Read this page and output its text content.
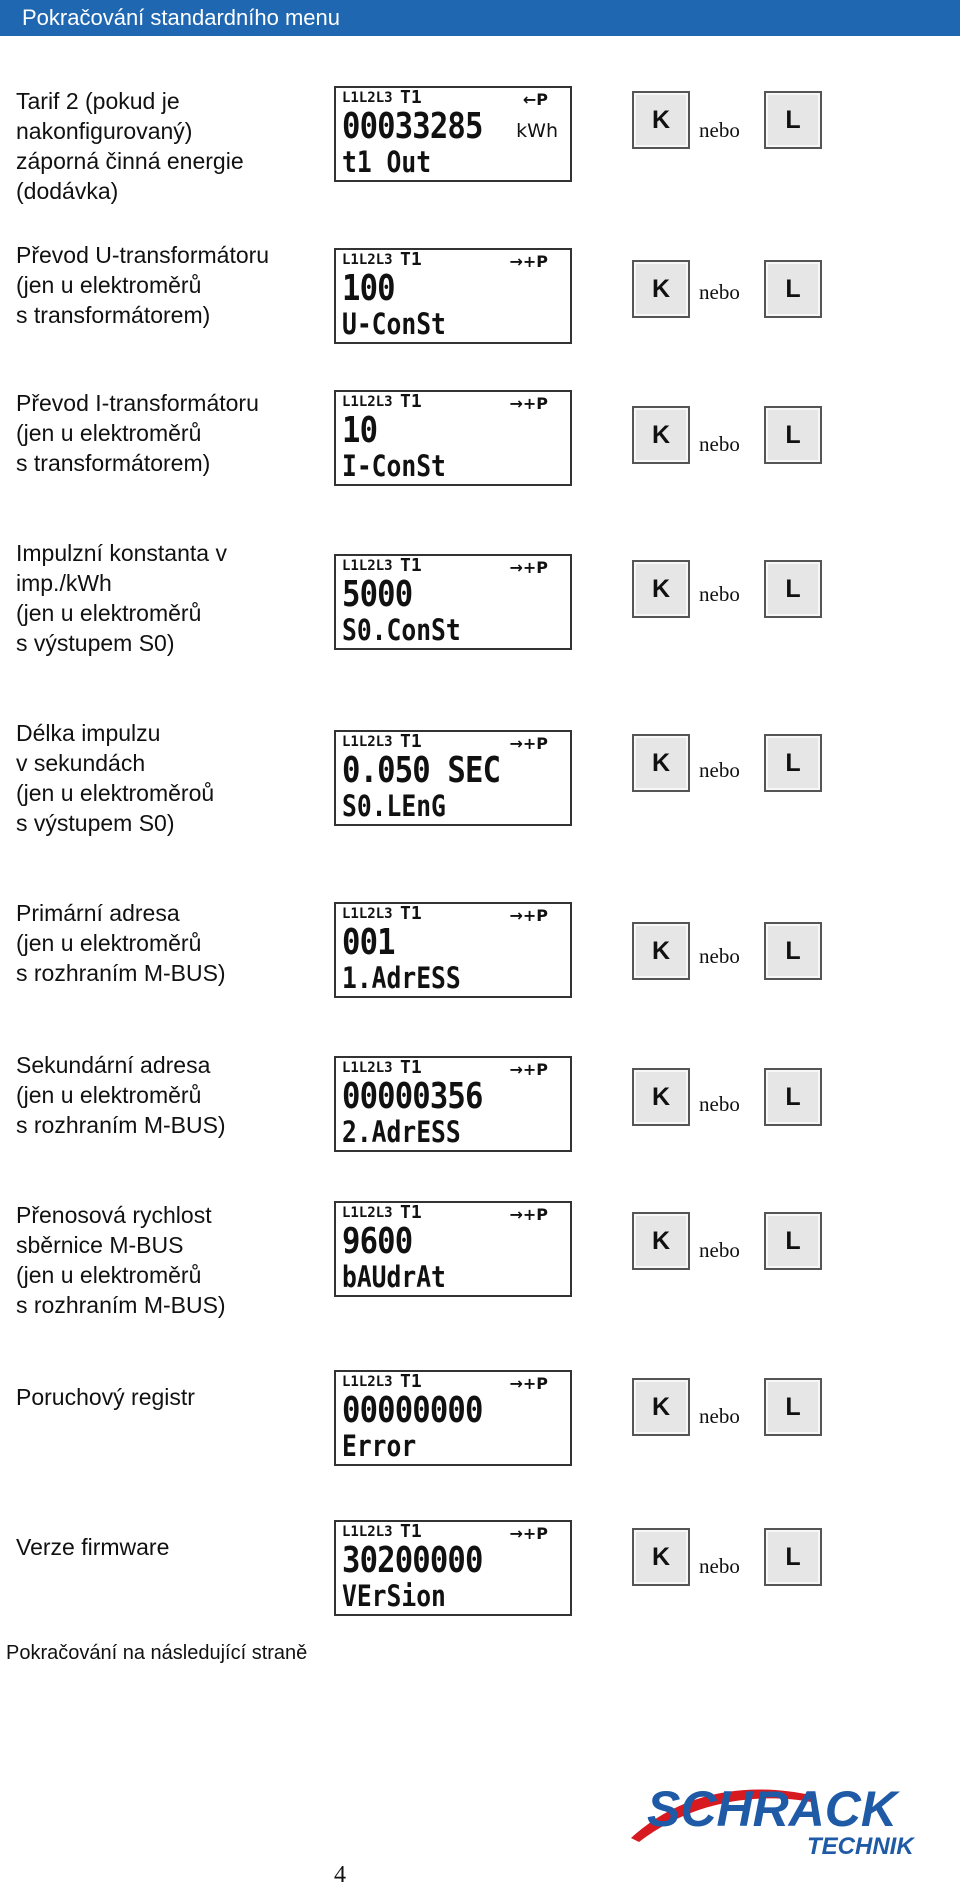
Pokračování standardního menu
Tarif 2 (pokud je
nakonfigurovaný)
záporná činná energie
(dodávka)
L1L2L3 T1	←P
00033285 kWh
t1 Out
K	nebo	L
Převod U-transformátoru
(jen u elektroměrů
s transformátorem)
L1L2L3 T1	→+P
100
U-ConSt
K	nebo	L
Převod I-transformátoru
(jen u elektroměrů
s transformátorem)
L1L2L3 T1	→+P
10
I-ConSt
K	nebo	L
Impulzní konstanta v
imp./kWh
(jen u elektroměrů
s výstupem S0)
L1L2L3 T1	→+P
5000
S0.ConSt
K	nebo	L
Délka impulzu
v sekundách
(jen u elektroměroů
s výstupem S0)
L1L2L3 T1	→+P
0.050 SEC
S0.LEnG
K	nebo	L
Primární adresa
(jen u elektroměrů
s rozhraním M-BUS)
L1L2L3 T1	→+P
001
1.AdrESS
K	nebo	L
Sekundární adresa
(jen u elektroměrů
s rozhraním M-BUS)
L1L2L3 T1	→+P
00000356
2.AdrESS
K	nebo	L
Přenosová rychlost
sběrnice M-BUS
(jen u elektroměrů
s rozhraním M-BUS)
L1L2L3 T1	→+P
9600
bAUdrAt
K	nebo	L
Poruchový registr
L1L2L3 T1	→+P
00000000
Error
K	nebo	L
Verze firmware
L1L2L3 T1	→+P
30200000
VErSion
K	nebo	L
Pokračování na následující straně
SCHRACK
TECHNIK
4
